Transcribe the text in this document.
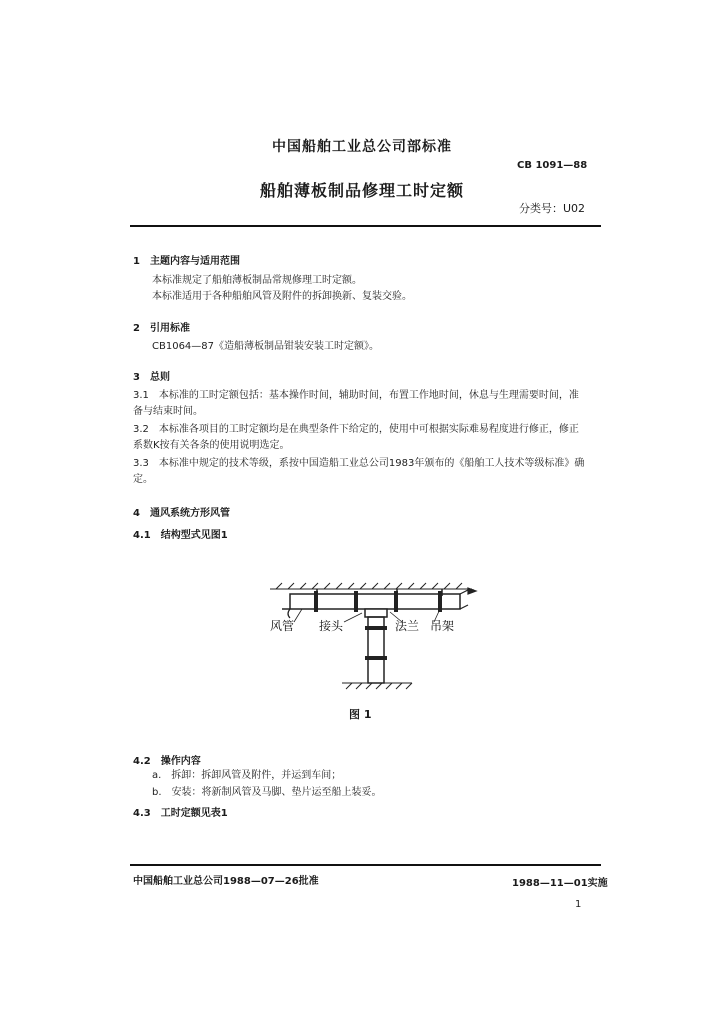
中国船舶工业总公司部标准
CB 1091—88
船舶薄板制品修理工时定额
分类号：U02
1　主题内容与适用范围
本标准规定了船舶薄板制品常规修理工时定额。
本标准适用于各种船舶风管及附件的拆卸换新、复装交验。
2　引用标准
CB1064—87《造船薄板制品钳装安装工时定额》。
3　总则
3.1　本标准的工时定额包括：基本操作时间，辅助时间，布置工作地时间，休息与生理需要时间，准
备与结束时间。
3.2　本标准各项目的工时定额均是在典型条件下给定的，使用中可根据实际难易程度进行修正，修正
系数K按有关各条的使用说明选定。
3.3　本标准中规定的技术等级，系按中国造船工业总公司1983年颁布的《船舶工人技术等级标准》确
定。
4　通风系统方形风管
4.1　结构型式见图1
风管 接头	法兰 吊架
图 1
4.2　操作内容
a.　拆卸：拆卸风管及附件，并运到车间；
b.　安装：将新制风管及马脚、垫片运至船上装妥。
4.3　工时定额见表1
中国船舶工业总公司1988—07—26批准	1988—11—01实施
1
